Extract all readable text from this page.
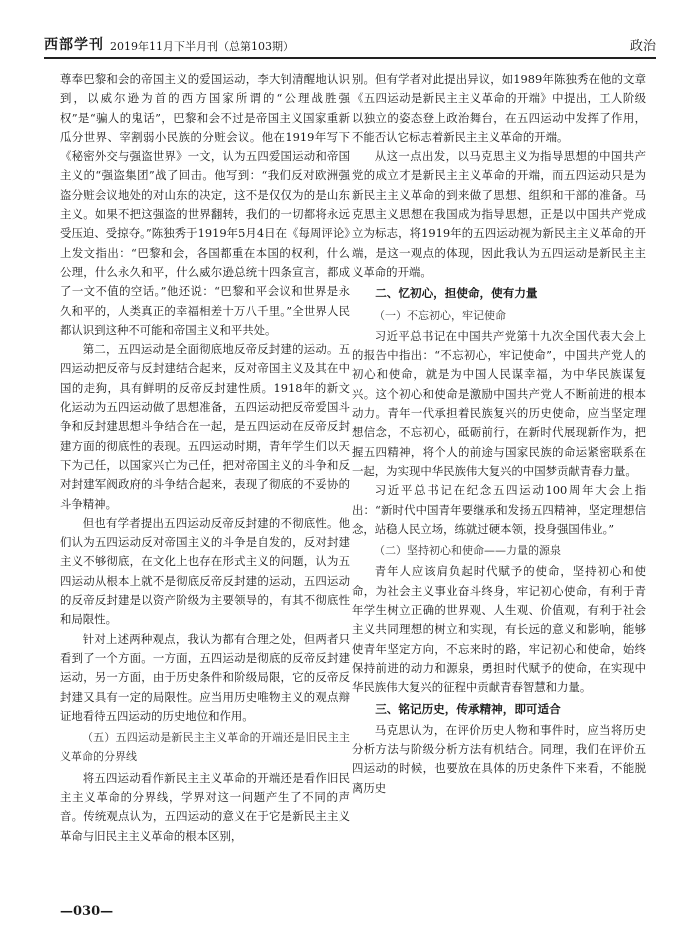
西部学刊 2019年11月下半月刊（总第103期）	政治

尊奉巴黎和会的帝国主义的爱国运动，李大钊清醒地认识到，以威尔逊为首的西方国家所谓的“公理战胜强权”是“骗人的鬼话”，巴黎和会不过是帝国主义国家重新瓜分世界、宰割弱小民族的分赃会议。他在1919年写下《秘密外交与强盗世界》一文，认为五四爱国运动和帝国主义的“强盗集团”战了回击。他写到：“我们反对欧洲强盗分赃会议地处的对山东的决定，这不是仅仅为的是山东主义。如果不把这强盗的世界翻转，我们的一切都将永远受压迫、受掠夺。”陈独秀于1919年5月4日在《每周评论》上发文指出：“巴黎和会，各国都重在本国的权利，什么公理，什么永久和平，什么威尔逊总统十四条宣言，都成了一文不值的空话。”他还说：“巴黎和平会议和世界是永久和平的，人类真正的幸福相差十万八千里。”全世界人民都认识到这种不可能和帝国主义和平共处。

第二，五四运动是全面彻底地反帝反封建的运动。五四运动把反帝与反封建结合起来，反对帝国主义及其在中国的走狗，具有鲜明的反帝反封建性质。1918年的新文化运动为五四运动做了思想准备，五四运动把反帝爱国斗争和反封建思想斗争结合在一起，是五四运动在反帝反封建方面的彻底性的表现。五四运动时期，青年学生们以天下为己任，以国家兴亡为己任，把对帝国主义的斗争和反对封建军阀政府的斗争结合起来，表现了彻底的不妥协的斗争精神。

但也有学者提出五四运动反帝反封建的不彻底性。他们认为五四运动反对帝国主义的斗争是自发的，反对封建主义不够彻底，在文化上也存在形式主义的问题，认为五四运动从根本上就不是彻底反帝反封建的运动，五四运动的反帝反封建是以资产阶级为主要领导的，有其不彻底性和局限性。

针对上述两种观点，我认为都有合理之处，但两者只看到了一个方面。一方面，五四运动是彻底的反帝反封建运动，另一方面，由于历史条件和阶级局限，它的反帝反封建又具有一定的局限性。应当用历史唯物主义的观点辩证地看待五四运动的历史地位和作用。

（五）五四运动是新民主主义革命的开端还是旧民主主义革命的分界线

将五四运动看作新民主主义革命的开端还是看作旧民主主义革命的分界线，学界对这一问题产生了不同的声音。传统观点认为，五四运动的意义在于它是新民主主义革命与旧民主主义革命的根本区别，

别。但有学者对此提出异议，如1989年陈独秀在他的文章《五四运动是新民主主义革命的开端》中提出，工人阶级以独立的姿态登上政治舞台，在五四运动中发挥了作用，不能否认它标志着新民主主义革命的开端。

从这一点出发，以马克思主义为指导思想的中国共产党的成立才是新民主主义革命的开端，而五四运动只是为新民主主义革命的到来做了思想、组织和干部的准备。马克思主义思想在我国成为指导思想，正是以中国共产党成立为标志，将1919年的五四运动视为新民主主义革命的开端，是这一观点的体现，因此我认为五四运动是新民主主义革命的开端。

二、忆初心，担使命，使有力量
（一）不忘初心，牢记使命

习近平总书记在中国共产党第十九次全国代表大会上的报告中指出：“不忘初心，牢记使命”，中国共产党人的初心和使命，就是为中国人民谋幸福，为中华民族谋复兴。这个初心和使命是激励中国共产党人不断前进的根本动力。青年一代承担着民族复兴的历史使命，应当坚定理想信念，不忘初心，砥砺前行，在新时代展现新作为，把握五四精神，将个人的前途与国家民族的命运紧密联系在一起，为实现中华民族伟大复兴的中国梦贡献青春力量。

习近平总书记在纪念五四运动100周年大会上指出：“新时代中国青年要继承和发扬五四精神，坚定理想信念，站稳人民立场，练就过硬本领，投身强国伟业。”

（二）坚持初心和使命——力量的源泉

青年人应该肩负起时代赋予的使命，坚持初心和使命，为社会主义事业奋斗终身，牢记初心使命，有利于青年学生树立正确的世界观、人生观、价值观，有利于社会主义共同理想的树立和实现，有长远的意义和影响，能够使青年坚定方向，不忘来时的路，牢记初心和使命，始终保持前进的动力和源泉，勇担时代赋予的使命，在实现中华民族伟大复兴的征程中贡献青春智慧和力量。

三、铭记历史，传承精神，即可适合

马克思认为，在评价历史人物和事件时，应当将历史分析方法与阶级分析方法有机结合。同理，我们在评价五四运动的时候，也要放在具体的历史条件下来看，不能脱离历史

—030—
